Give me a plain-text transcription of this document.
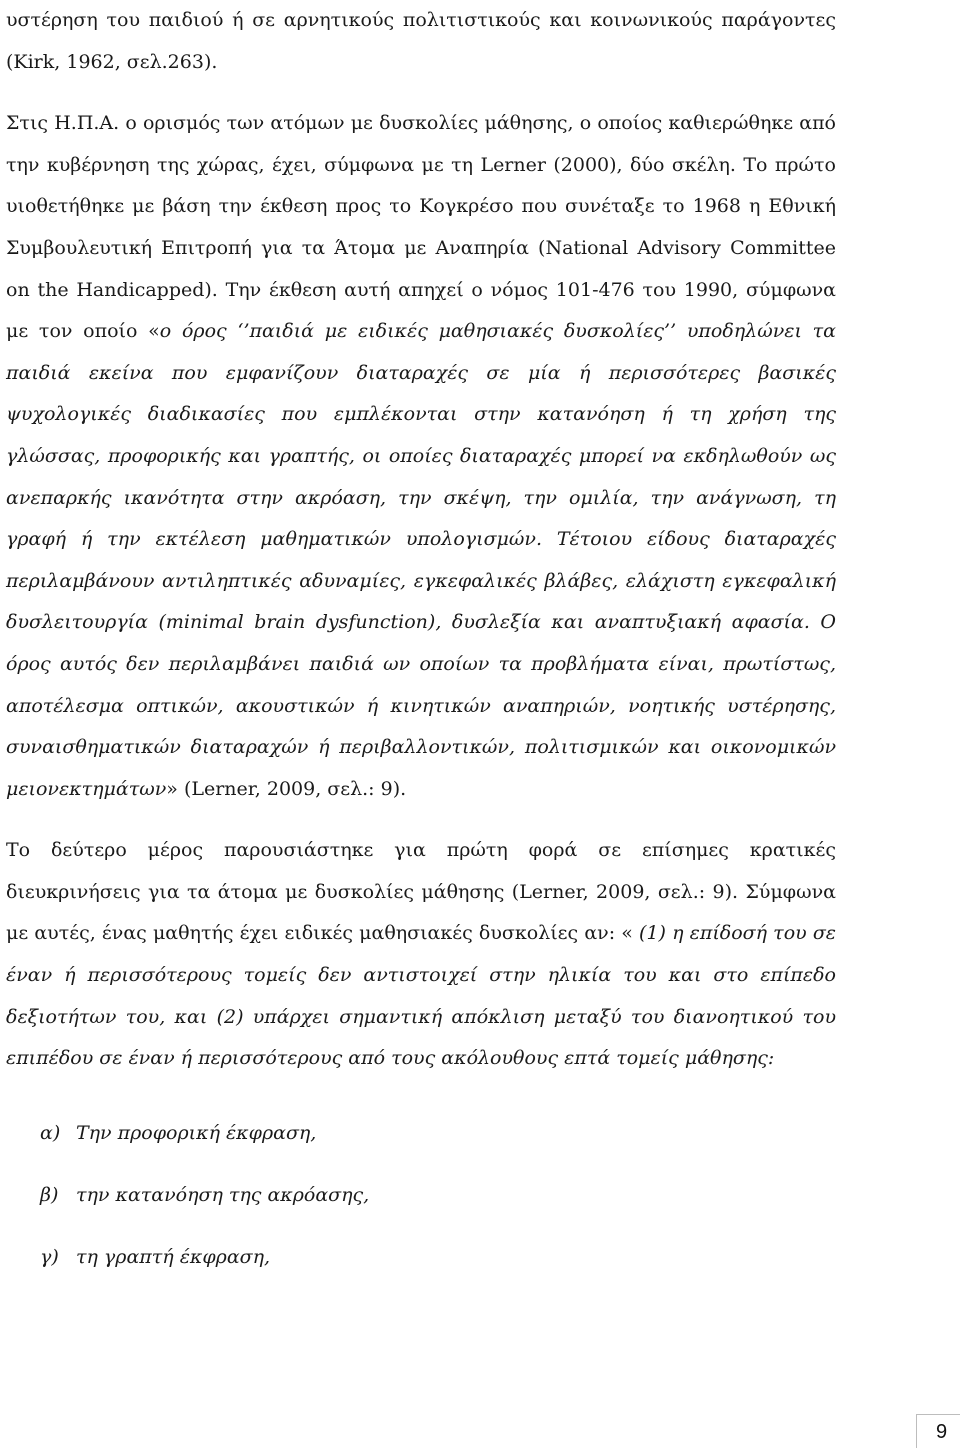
υστέρηση του παιδιού ή σε αρνητικούς πολιτιστικούς και κοινωνικούς παράγοντες (Kirk, 1962, σελ.263).

Στις Η.Π.Α. ο ορισμός των ατόμων με δυσκολίες μάθησης, ο οποίος καθιερώθηκε από την κυβέρνηση της χώρας, έχει, σύμφωνα με τη Lerner (2000), δύο σκέλη. Το πρώτο υιοθετήθηκε με βάση την έκθεση προς το Κογκρέσο που συνέταξε το 1968 η Εθνική Συμβουλευτική Επιτροπή για τα Άτομα με Αναπηρία (National Advisory Committee on the Handicapped). Την έκθεση αυτή απηχεί ο νόμος 101-476 του 1990, σύμφωνα με τον οποίο «ο όρος ‘’παιδιά με ειδικές μαθησιακές δυσκολίες’’ υποδηλώνει τα παιδιά εκείνα που εμφανίζουν διαταραχές σε μία ή περισσότερες βασικές ψυχολογικές διαδικασίες που εμπλέκονται στην κατανόηση ή τη χρήση της γλώσσας, προφορικής και γραπτής, οι οποίες διαταραχές μπορεί να εκδηλωθούν ως ανεπαρκής ικανότητα στην ακρόαση, την σκέψη, την ομιλία, την ανάγνωση, τη γραφή ή την εκτέλεση μαθηματικών υπολογισμών. Τέτοιου είδους διαταραχές περιλαμβάνουν αντιληπτικές αδυναμίες, εγκεφαλικές βλάβες, ελάχιστη εγκεφαλική δυσλειτουργία (minimal brain dysfunction), δυσλεξία και αναπτυξιακή αφασία. Ο όρος αυτός δεν περιλαμβάνει παιδιά ων οποίων τα προβλήματα είναι, πρωτίστως, αποτέλεσμα οπτικών, ακουστικών ή κινητικών αναπηριών, νοητικής υστέρησης, συναισθηματικών διαταραχών ή περιβαλλοντικών, πολιτισμικών και οικονομικών μειονεκτημάτων» (Lerner, 2009, σελ.: 9).

Το δεύτερο μέρος παρουσιάστηκε για πρώτη φορά σε επίσημες κρατικές διευκρινήσεις για τα άτομα με δυσκολίες μάθησης (Lerner, 2009, σελ.: 9). Σύμφωνα με αυτές, ένας μαθητής έχει ειδικές μαθησιακές δυσκολίες αν: « (1) η επίδοσή του σε έναν ή περισσότερους τομείς δεν αντιστοιχεί στην ηλικία του και στο επίπεδο δεξιοτήτων του, και (2) υπάρχει σημαντική απόκλιση μεταξύ του διανοητικού του επιπέδου σε έναν ή περισσότερους από τους ακόλουθους επτά τομείς μάθησης:

α) Την προφορική έκφραση,
β) την κατανόηση της ακρόασης,
γ) τη γραπτή έκφραση,
9
